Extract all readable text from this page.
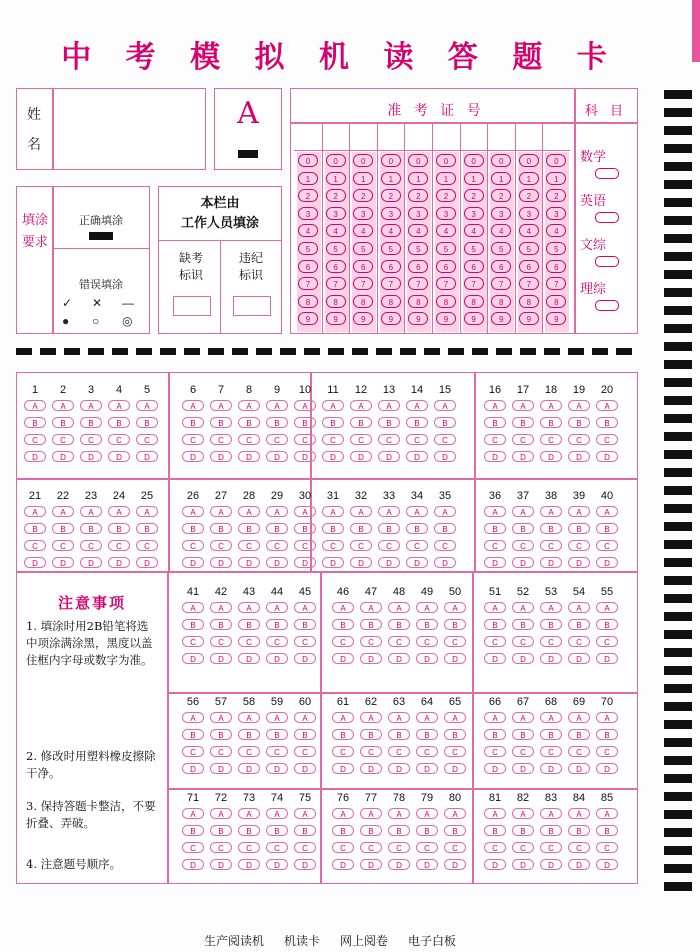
中 考 模 拟 机 读 答 题 卡
姓 名
A	准 考 证 号	科 目
0
1
2
3
4
5
6
7
8
9
0
1
2
3
4
5
6
7
8
9
0
1
2
3
4
5
6
7
8
9
0
1
2
3
4
5
6
7
8
9
0
1
2
3
4
5
6
7
8
9
0
1
2
3
4
5
6
7
8
9
0
1
2
3
4
5
6
7
8
9
0
1
2
3
4
5
6
7
8
9
0
1
2
3
4
5
6
7
8
9
0
1
2
3
4
5
6
7
8
9
数学
英语
文综
理综
填涂要求
正确填涂
错误填涂
✓ ✕ —
● ○ ◎
本栏由
工作人员填涂
缺考
标识
违纪
标识
1
A
B
C
D
2
A
B
C
D
3
A
B
C
D
4
A
B
C
D
5
A
B
C
D
6
A
B
C
D
7
A
B
C
D
8
A
B
C
D
9
A
B
C
D
10
A
B
C
D
11
A
B
C
D
12
A
B
C
D
13
A
B
C
D
14
A
B
C
D
15
A
B
C
D
16
A
B
C
D
17
A
B
C
D
18
A
B
C
D
19
A
B
C
D
20
A
B
C
D
21
A
B
C
D
22
A
B
C
D
23
A
B
C
D
24
A
B
C
D
25
A
B
C
D
26
A
B
C
D
27
A
B
C
D
28
A
B
C
D
29
A
B
C
D
30
A
B
C
D
31
A
B
C
D
32
A
B
C
D
33
A
B
C
D
34
A
B
C
D
35
A
B
C
D
36
A
B
C
D
37
A
B
C
D
38
A
B
C
D
39
A
B
C
D
40
A
B
C
D
41
A
B
C
D
42
A
B
C
D
43
A
B
C
D
44
A
B
C
D
45
A
B
C
D
46
A
B
C
D
47
A
B
C
D
48
A
B
C
D
49
A
B
C
D
50
A
B
C
D
51
A
B
C
D
52
A
B
C
D
53
A
B
C
D
54
A
B
C
D
55
A
B
C
D
56
A
B
C
D
57
A
B
C
D
58
A
B
C
D
59
A
B
C
D
60
A
B
C
D
61
A
B
C
D
62
A
B
C
D
63
A
B
C
D
64
A
B
C
D
65
A
B
C
D
66
A
B
C
D
67
A
B
C
D
68
A
B
C
D
69
A
B
C
D
70
A
B
C
D
71
A
B
C
D
72
A
B
C
D
73
A
B
C
D
74
A
B
C
D
75
A
B
C
D
76
A
B
C
D
77
A
B
C
D
78
A
B
C
D
79
A
B
C
D
80
A
B
C
D
81
A
B
C
D
82
A
B
C
D
83
A
B
C
D
84
A
B
C
D
85
A
B
C
D
注意事项
1. 填涂时用2B铅笔将选中项涂满涂黑，黑度以盖住框内字母或数字为准。
2. 修改时用塑料橡皮擦除干净。
3. 保持答题卡整洁，不要折叠、弄破。
4. 注意题号顺序。
生产阅读机 机读卡 网上阅卷 电子白板
